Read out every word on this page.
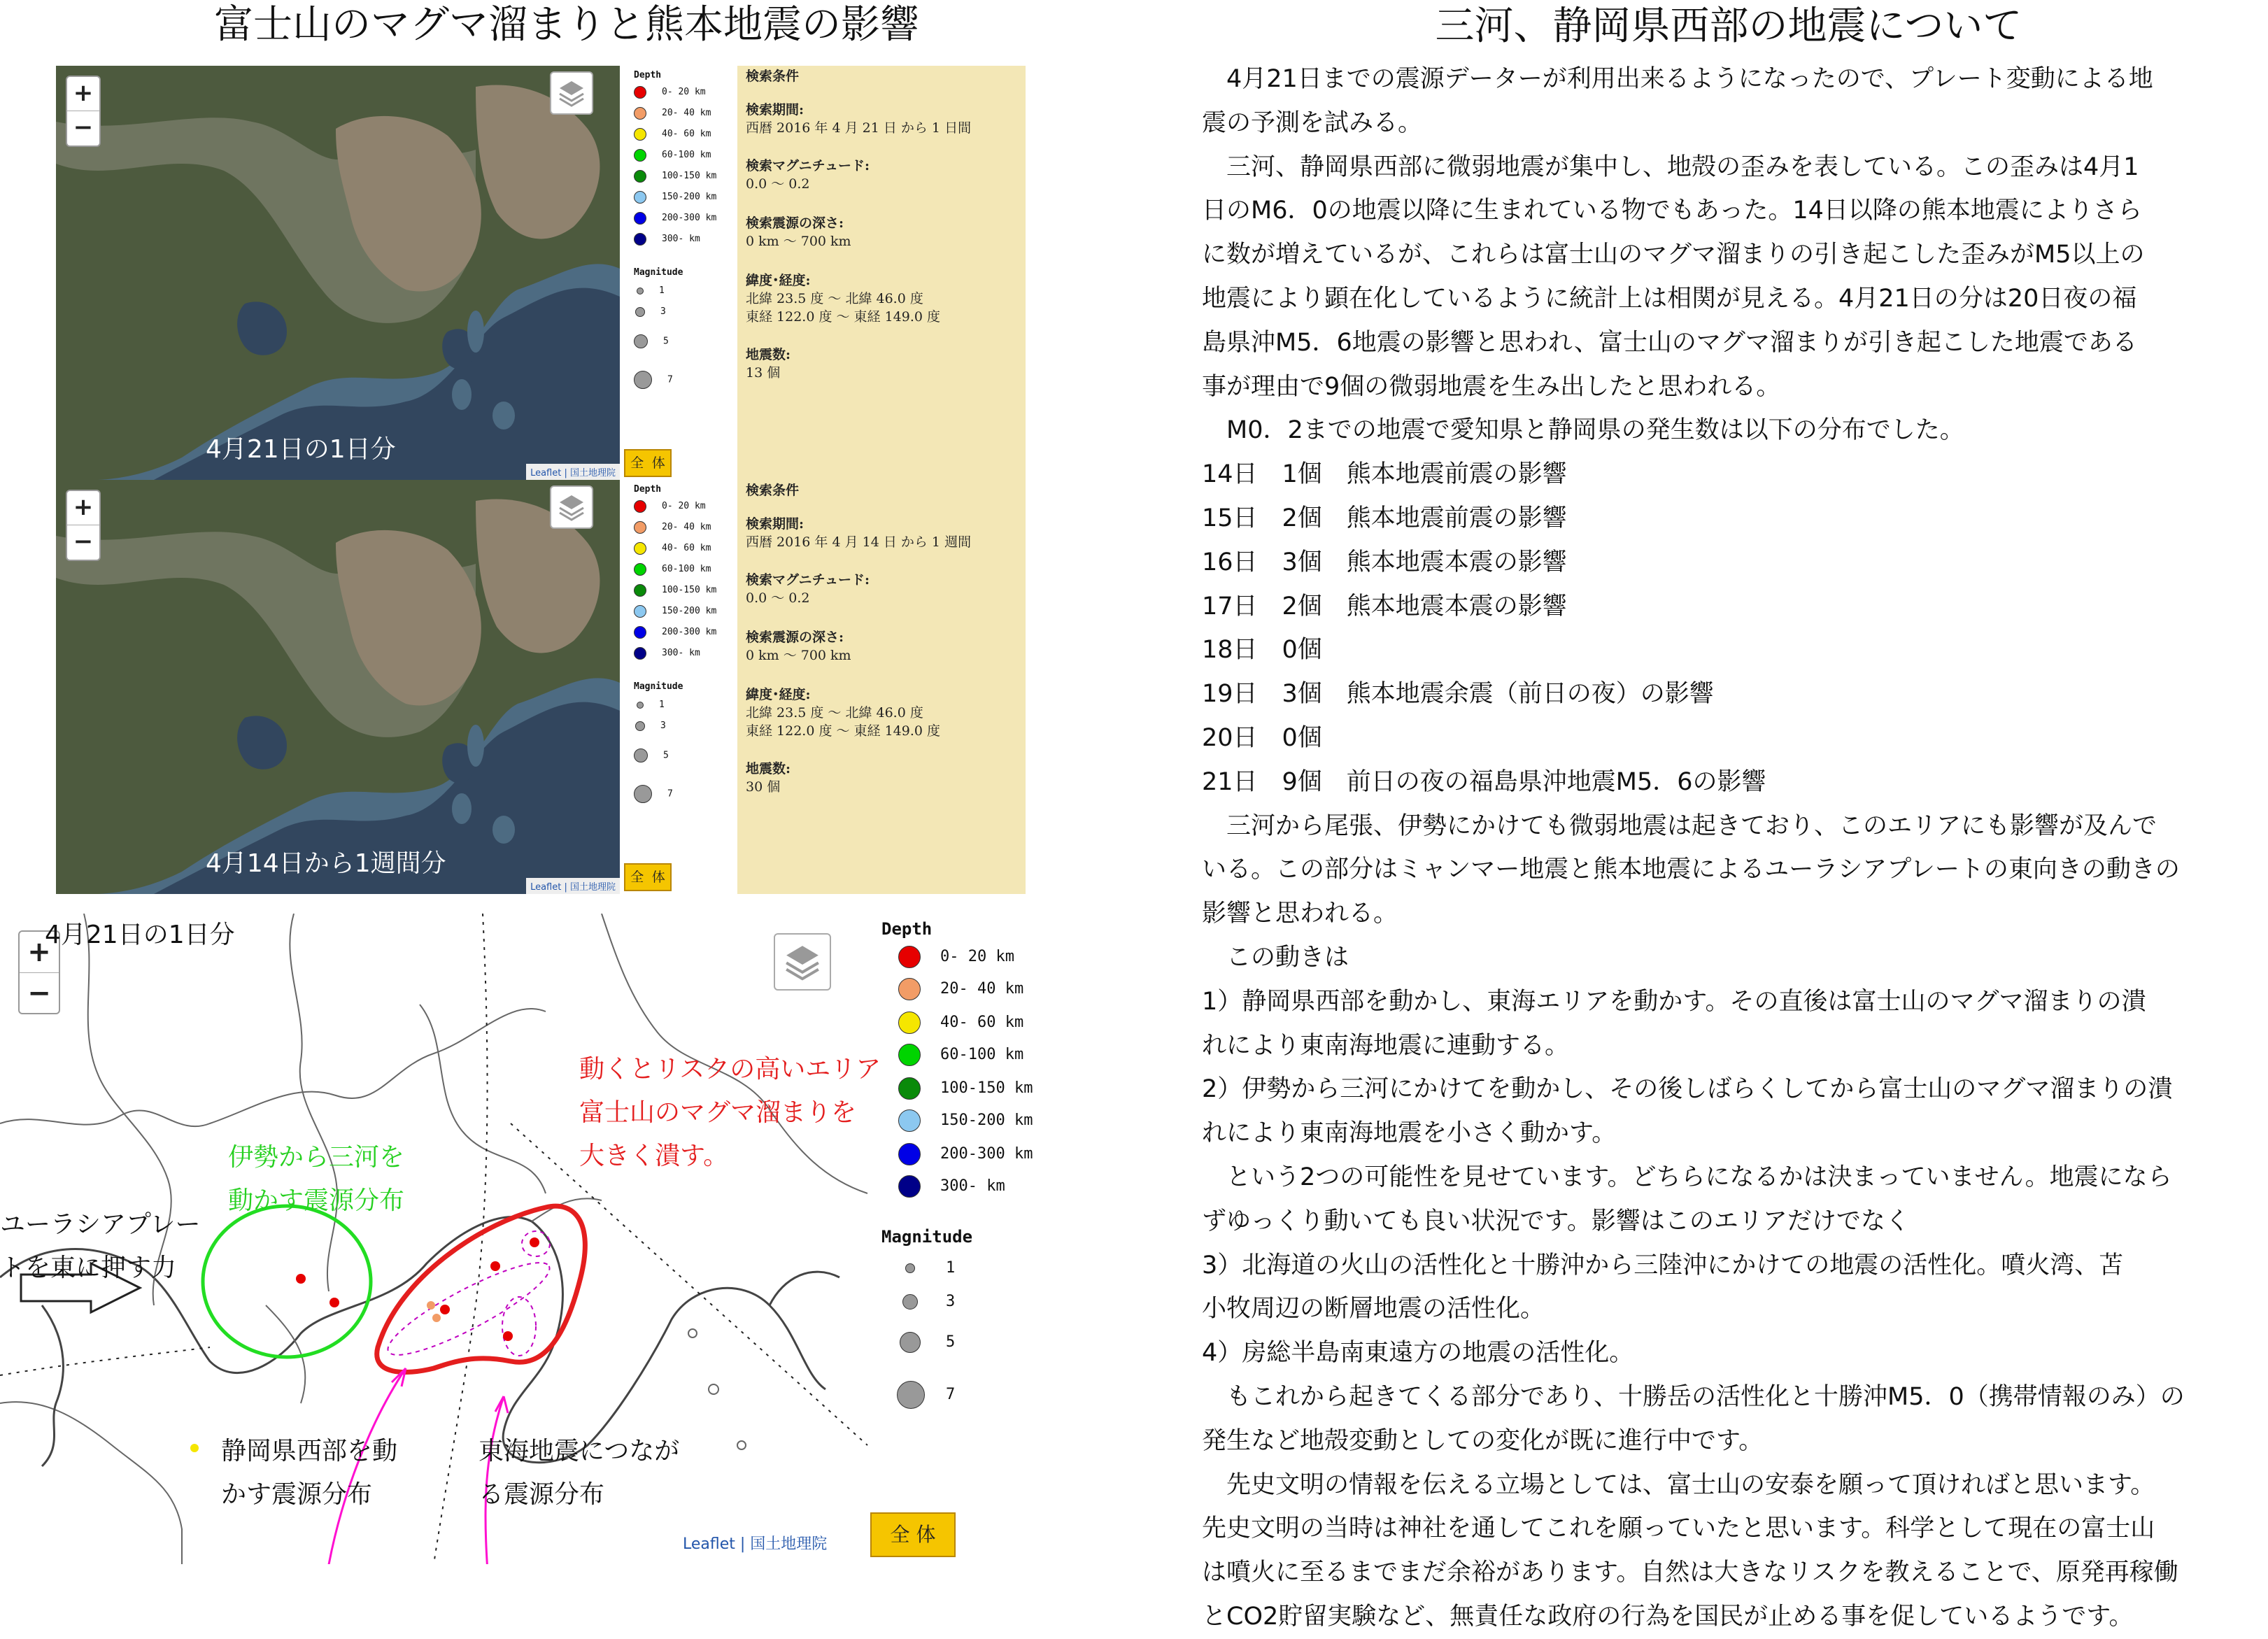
富士山のマグマ溜まりと熊本地震の影響	三河、静岡県西部の地震について
+
−
Leaflet | 国土地理院
4月21日の1日分
Depth
0- 20 km
20- 40 km
40- 60 km
60-100 km
100-150 km
150-200 km
200-300 km
300- km
Magnitude
1
3
5
7
全 体
検索条件
検索期間:
西暦 2016 年 4 月 21 日 から 1 日間
検索マグニチュード:
0.0 〜 0.2
検索震源の深さ:
0 km 〜 700 km
緯度･経度:
北緯 23.5 度 〜 北緯 46.0 度
東経 122.0 度 〜 東経 149.0 度
地震数:
13 個
+
−
Leaflet | 国土地理院
4月14日から1週間分
Depth
0- 20 km
20- 40 km
40- 60 km
60-100 km
100-150 km
150-200 km
200-300 km
300- km
Magnitude
1
3
5
7
全 体
検索条件
検索期間:
西暦 2016 年 4 月 14 日 から 1 週間
検索マグニチュード:
0.0 〜 0.2
検索震源の深さ:
0 km 〜 700 km
緯度･経度:
北緯 23.5 度 〜 北緯 46.0 度
東経 122.0 度 〜 東経 149.0 度
地震数:
30 個
+
−
4月21日の1日分
動くとリスクの高いエリア
富士山のマグマ溜まりを
大きく潰す。
伊勢から三河を
動かす震源分布
ユーラシアプレー
トを東に押す力
静岡県西部を動
かす震源分布
東海地震につなが
る震源分布
Leaflet | 国土地理院	全 体
Depth
0- 20 km
20- 40 km
40- 60 km
60-100 km
100-150 km
150-200 km
200-300 km
300- km
Magnitude
1
3
5
7

　4月21日までの震源データーが利用出来るようになったので、プレート変動による地

震の予測を試みる。

　三河、静岡県西部に微弱地震が集中し、地殻の歪みを表している。この歪みは4月1

日のM6．0の地震以降に生まれている物でもあった。14日以降の熊本地震によりさら

に数が増えているが、これらは富士山のマグマ溜まりの引き起こした歪みがM5以上の

地震により顕在化しているように統計上は相関が見える。4月21日の分は20日夜の福

島県沖M5．6地震の影響と思われ、富士山のマグマ溜まりが引き起こした地震である

事が理由で9個の微弱地震を生み出したと思われる。

　M0．2までの地震で愛知県と静岡県の発生数は以下の分布でした。

14日　1個　熊本地震前震の影響

15日　2個　熊本地震前震の影響

16日　3個　熊本地震本震の影響

17日　2個　熊本地震本震の影響

18日　0個

19日　3個　熊本地震余震（前日の夜）の影響

20日　0個

21日　9個　前日の夜の福島県沖地震M5．6の影響

　三河から尾張、伊勢にかけても微弱地震は起きており、このエリアにも影響が及んで

いる。この部分はミャンマー地震と熊本地震によるユーラシアプレートの東向きの動きの

影響と思われる。

　この動きは

1）静岡県西部を動かし、東海エリアを動かす。その直後は富士山のマグマ溜まりの潰

れにより東南海地震に連動する。

2）伊勢から三河にかけてを動かし、その後しばらくしてから富士山のマグマ溜まりの潰

れにより東南海地震を小さく動かす。

　という2つの可能性を見せています。どちらになるかは決まっていません。地震になら

ずゆっくり動いても良い状況です。影響はこのエリアだけでなく

3）北海道の火山の活性化と十勝沖から三陸沖にかけての地震の活性化。噴火湾、苫

小牧周辺の断層地震の活性化。

4）房総半島南東遠方の地震の活性化。

　もこれから起きてくる部分であり、十勝岳の活性化と十勝沖M5．0（携帯情報のみ）の

発生など地殻変動としての変化が既に進行中です。

　先史文明の情報を伝える立場としては、富士山の安泰を願って頂ければと思います。

先史文明の当時は神社を通してこれを願っていたと思います。科学として現在の富士山

は噴火に至るまでまだ余裕があります。自然は大きなリスクを教えることで、原発再稼働

とCO2貯留実験など、無責任な政府の行為を国民が止める事を促しているようです。
